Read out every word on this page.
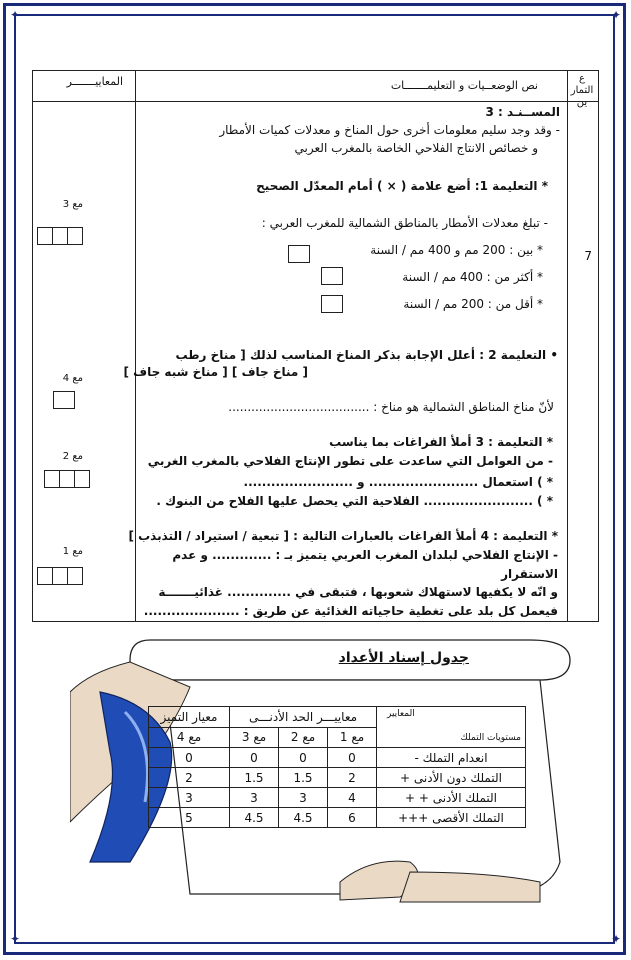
✦	✦
✦	✦
ع التمار ين
نص الوضعــيات و التعليمـــــــات
المعاييـــــــر
7
المســنـد : 3
- وقد وجد سليم معلومات أخرى حول المناخ و معدلات كميات الأمطار
و خصائص الانتاج الفلاحي الخاصة بالمغرب العربي
* التعليمة 1: أضع علامة ( × ) أمام المعدّل الصحيح
- تبلغ معدلات الأمطار بالمناطق الشمالية للمغرب العربي :
* بين : 200 مم و 400 مم / السنة
* أكثر من : 400 مم / السنة
* أقل من : 200 مم / السنة
مع 3
• التعليمة 2 : أعلل الإجابة بذكر المناخ المناسب لذلك [ مناخ رطب
[ مناخ جاف ] [ مناخ شبه جاف ]
لأنّ مناخ المناطق الشمالية هو مناخ : .....................................
مع 4
* التعليمة : 3 أملأ الفراغات بما يناسب
- من العوامل التي ساعدت على تطور الإنتاج الفلاحي بالمغرب الغربي
* ) استعمال ........................ و ........................
* ) ........................ الفلاحية التي يحصل عليها الفلاح من البنوك .
مع 2
* التعليمة : 4 أملأ الفراغات بالعبارات التالية : [ تبعية / استيراد / التذبذب ]
- الإنتاج الفلاحي لبلدان المغرب العربي يتميز بـ : ............. و عدم
الاستقرار
و انّه لا يكفيها لاستهلاك شعوبها ، فتبقى في .............. غذائيـــــــة
فيعمل كل بلد على تغطية حاجياته الغذائية عن طريق : .....................
مع 1
جدول إسناد الأعداد
المعايير
مستويات التملك	معاييـــر الحد الأدنـــى			معيار التميز
	مع 1	مع 2	مع 3	مع 4
انعدام التملك -	0	0	0	0
التملك دون الأدنى +	2	1.5	1.5	2
التملك الأدنى + +	4	3	3	3
التملك الأقصى +++	6	4.5	4.5	5
